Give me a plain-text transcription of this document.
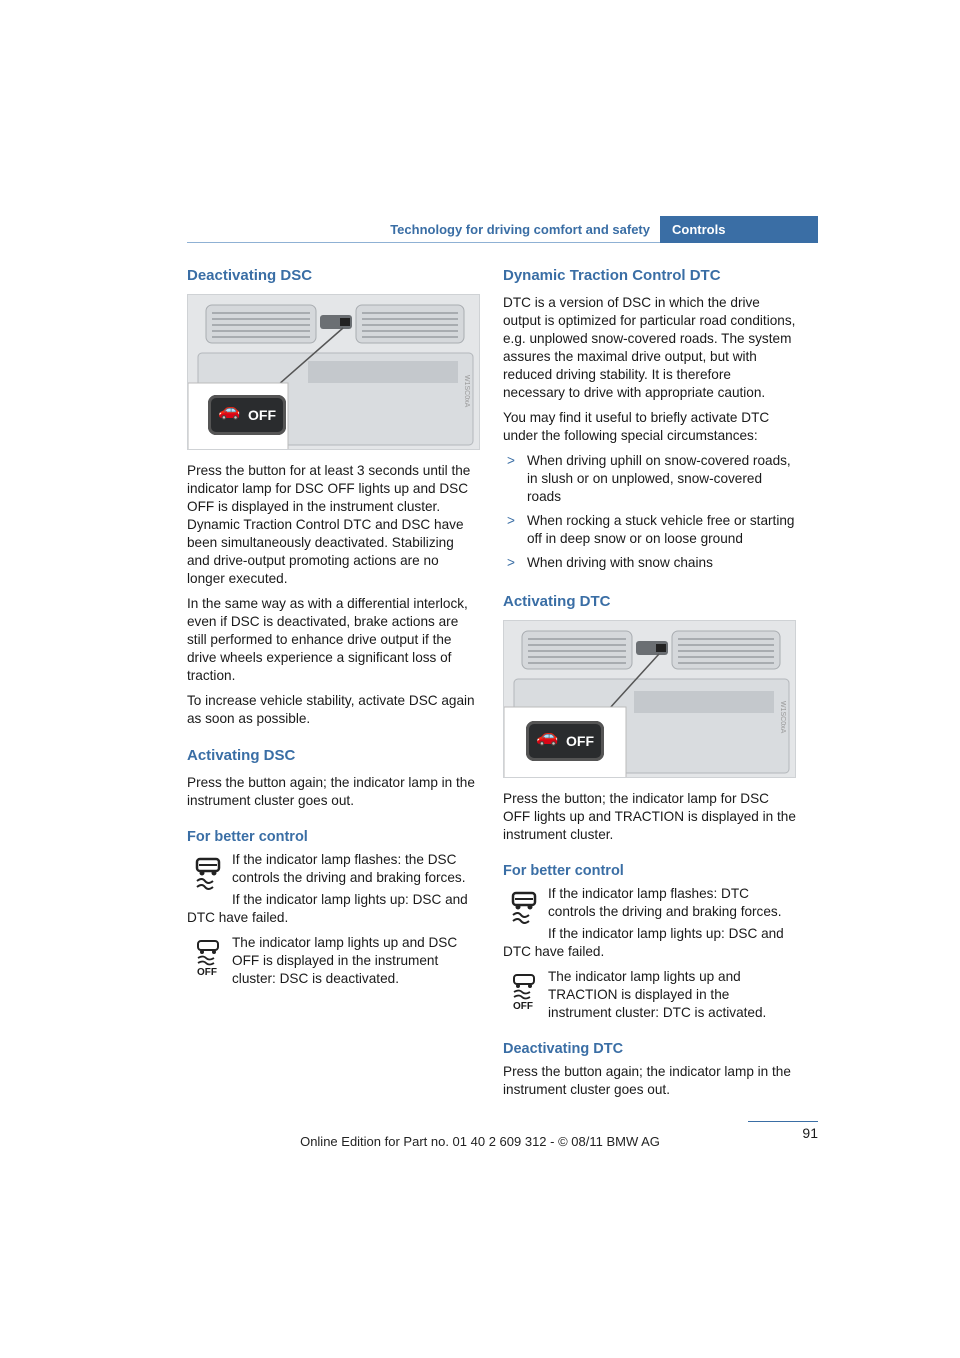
Technology for driving comfort and safety	Controls
Deactivating DSC
🚗 OFF
W1SC0xA

Press the button for at least 3 seconds until the indicator lamp for DSC OFF lights up and DSC OFF is displayed in the instrument cluster. Dynamic Traction Control DTC and DSC have been simultaneously deactivated. Stabilizing and drive-output promoting actions are no longer executed.

In the same way as with a differential interlock, even if DSC is deactivated, brake actions are still performed to enhance drive output if the drive wheels experience a significant loss of traction.

To increase vehicle stability, activate DSC again as soon as possible.

Activating DSC

Press the button again; the indicator lamp in the instrument cluster goes out.

For better control
If the indicator lamp flashes: the DSC controls the driving and braking forces.

If the indicator lamp lights up: DSC and DTC have failed.

OFF
The indicator lamp lights up and DSC OFF is displayed in the instrument cluster: DSC is deactivated.
Dynamic Traction Control DTC

DTC is a version of DSC in which the drive output is optimized for particular road conditions, e.g. unplowed snow-covered roads. The system assures the maximal drive output, but with reduced driving stability. It is therefore necessary to drive with appropriate caution.

You may find it useful to briefly activate DTC under the following special circumstances:

> When driving uphill on snow-covered roads, in slush or on unplowed, snow-covered roads
> When rocking a stuck vehicle free or starting off in deep snow or on loose ground
> When driving with snow chains
Activating DTC
🚗 OFF
W1SC0xA

Press the button; the indicator lamp for DSC OFF lights up and TRACTION is displayed in the instrument cluster.

For better control
If the indicator lamp flashes: DTC controls the driving and braking forces.

If the indicator lamp lights up: DSC and DTC have failed.

OFF
The indicator lamp lights up and TRACTION is displayed in the instrument cluster: DTC is activated.
Deactivating DTC

Press the button again; the indicator lamp in the instrument cluster goes out.

91
Online Edition for Part no. 01 40 2 609 312 - © 08/11 BMW AG
